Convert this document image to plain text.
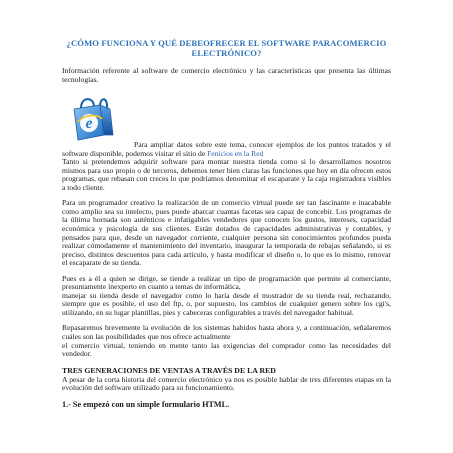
¿CÓMO FUNCIONA Y QUÉ DEBEOFRECER EL SOFTWARE PARACOMERCIO ELECTRÓNICO?

Información referente al software de comercio electrónico y las características que presenta las últimas tecnologías.

e

Para ampliar datos sobre este tema, conocer ejemplos de los puntos tratados y el software disponible, podemos visitar el sitio de Fenicios en la Red

Tanto si pretendemos adquirir software para montar nuestra tienda como si lo desarrollamos nosotros mismos para uso propio o de terceros, debemos tener bien claras las funciones que hoy en día ofrecen estos programas, que rebasan con creces lo que podríamos denominar el escaparate y la caja registradora visibles a todo cliente.

Para un programador creativo la realización de un comercio virtual puede ser tan fascinante e inacabable como amplio sea su intelecto, pues puede abarcar cuantas facetas sea capaz de concebir. Los programas de la última hornada son auténticos e infatigables vendedores que conocen los gustos, intereses, capacidad económica y psicología de sus clientes. Están dotados de capacidades administrativas y contables, y pensados para que, desde un navegador corriente, cualquier persona sin conocimientos profundos pueda realizar cómodamente el mantenimiento del inventario, inaugurar la temporada de rebajas señalando, si es preciso, distintos descuentos para cada artículo, y hasta modificar el diseño o, lo que es lo mismo, renovar el escaparate de su tienda.

Pues es a él a quien se dirige, se tiende a realizar un tipo de programación que permite al comerciante, presuntamente inexperto en cuanto a temas de informática,

manejar su tienda desde el navegador como lo haría desde el mostrador de su tienda real, rechazando, siempre que es posible, el uso del ftp, o, por supuesto, los cambios de cualquier genero sobre los cgi's, utilizando, en su lugar plantillas, pies y cabeceras configurables a través del navegador habitual.

Repasaremos brevemente la evolución de los sistemas habidos hasta ahora y, a continuación, señalaremos cuáles son las posibilidades que nos ofrece actualmente

el comercio virtual, teniendo en mente tanto las exigencias del comprador como las necesidades del vendedor.

TRES GENERACIONES DE VENTAS A TRAVÉS DE LA RED

A pesar de la corta historia del comercio electrónico ya nos es posible hablar de tres diferentes etapas en la evolución del software utilizado para su funcionamiento.

1.- Se empezó con un simple formulario HTML.
